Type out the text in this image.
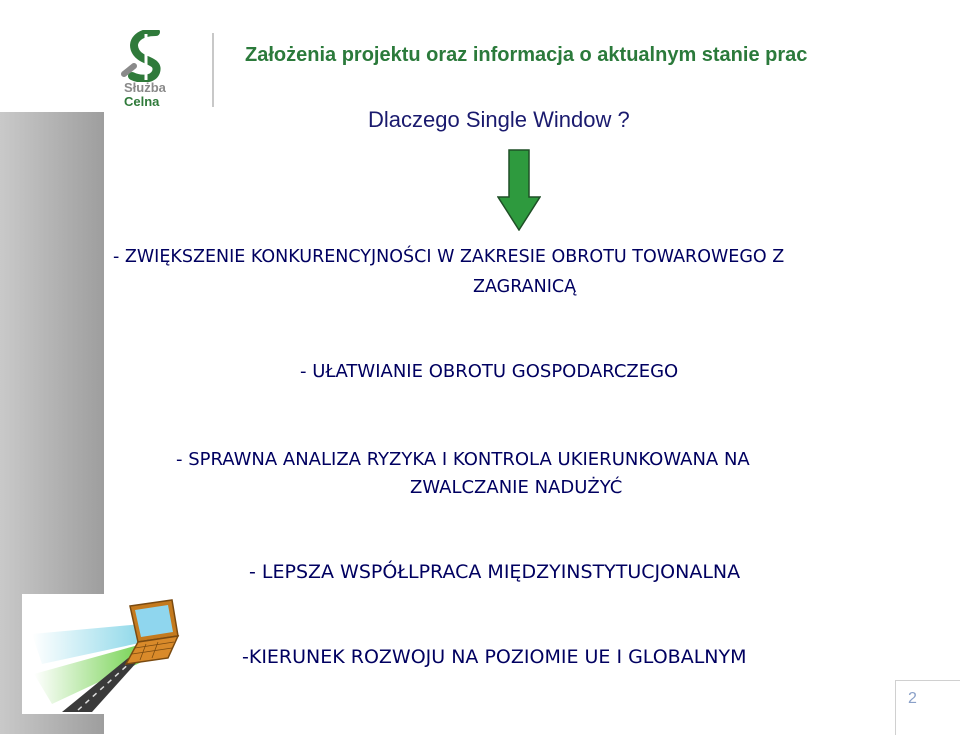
Służba
Celna
Założenia projektu oraz informacja o aktualnym stanie prac
Dlaczego Single Window ?
- ZWIĘKSZENIE KONKURENCYJNOŚCI W ZAKRESIE OBROTU TOWAROWEGO Z
ZAGRANICĄ
- UŁATWIANIE OBROTU GOSPODARCZEGO
- SPRAWNA ANALIZA RYZYKA I KONTROLA UKIERUNKOWANA NA
ZWALCZANIE NADUŻYĆ
- LEPSZA WSPÓŁLPRACA MIĘDZYINSTYTUCJONALNA
-KIERUNEK ROZWOJU NA POZIOMIE UE I GLOBALNYM
2
